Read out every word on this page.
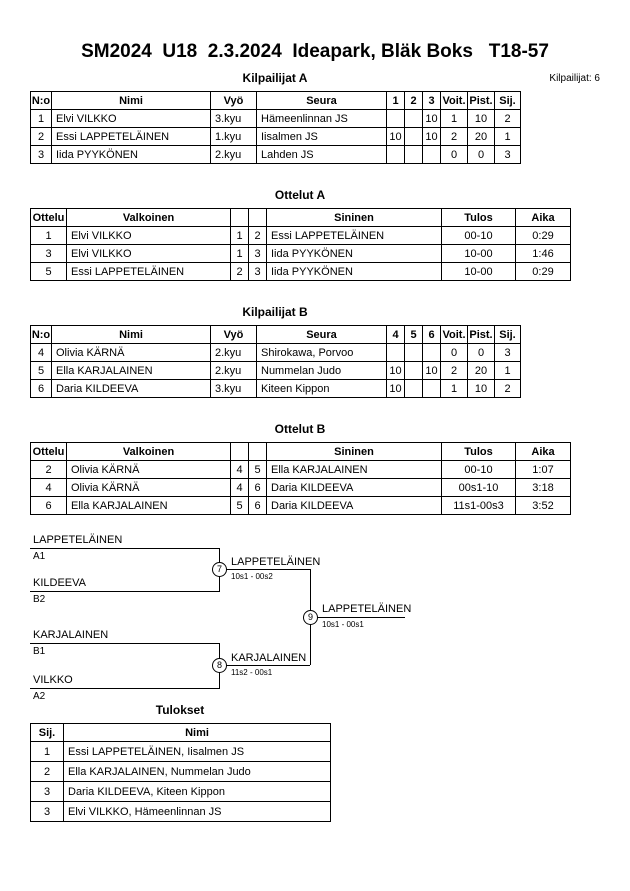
SM2024  U18  2.3.2024  Ideapark, Bläk Boks   T18-57
Kilpailijat A	Kilpailijat: 6
N:o	Nimi	Vyö	Seura	1	2	3	Voit.	Pist.	Sij.
1	Elvi VILKKO	3.kyu	Hämeenlinnan JS			10	1	10	2
2	Essi LAPPETELÄINEN	1.kyu	Iisalmen JS	10		10	2	20	1
3	Iida PYYKÖNEN	2.kyu	Lahden JS				0	0	3
Ottelut A
Ottelu	Valkoinen			Sininen	Tulos	Aika
1	Elvi VILKKO	1	2	Essi LAPPETELÄINEN	00-10	0:29
3	Elvi VILKKO	1	3	Iida PYYKÖNEN	10-00	1:46
5	Essi LAPPETELÄINEN	2	3	Iida PYYKÖNEN	10-00	0:29
Kilpailijat B
N:o	Nimi	Vyö	Seura	4	5	6	Voit.	Pist.	Sij.
4	Olivia KÄRNÄ	2.kyu	Shirokawa, Porvoo				0	0	3
5	Ella KARJALAINEN	2.kyu	Nummelan Judo	10		10	2	20	1
6	Daria KILDEEVA	3.kyu	Kiteen Kippon	10			1	10	2
Ottelut B
Ottelu	Valkoinen			Sininen	Tulos	Aika
2	Olivia KÄRNÄ	4	5	Ella KARJALAINEN	00-10	1:07
4	Olivia KÄRNÄ	4	6	Daria KILDEEVA	00s1-10	3:18
6	Ella KARJALAINEN	5	6	Daria KILDEEVA	11s1-00s3	3:52
LAPPETELÄINEN
A1
KILDEEVA
B2
7
LAPPETELÄINEN
10s1 - 00s2
KARJALAINEN
B1
VILKKO
A2
8
KARJALAINEN
11s2 - 00s1
9
LAPPETELÄINEN
10s1 - 00s1
Tulokset
Sij.	Nimi
1	Essi LAPPETELÄINEN, Iisalmen JS
2	Ella KARJALAINEN, Nummelan Judo
3	Daria KILDEEVA, Kiteen Kippon
3	Elvi VILKKO, Hämeenlinnan JS
